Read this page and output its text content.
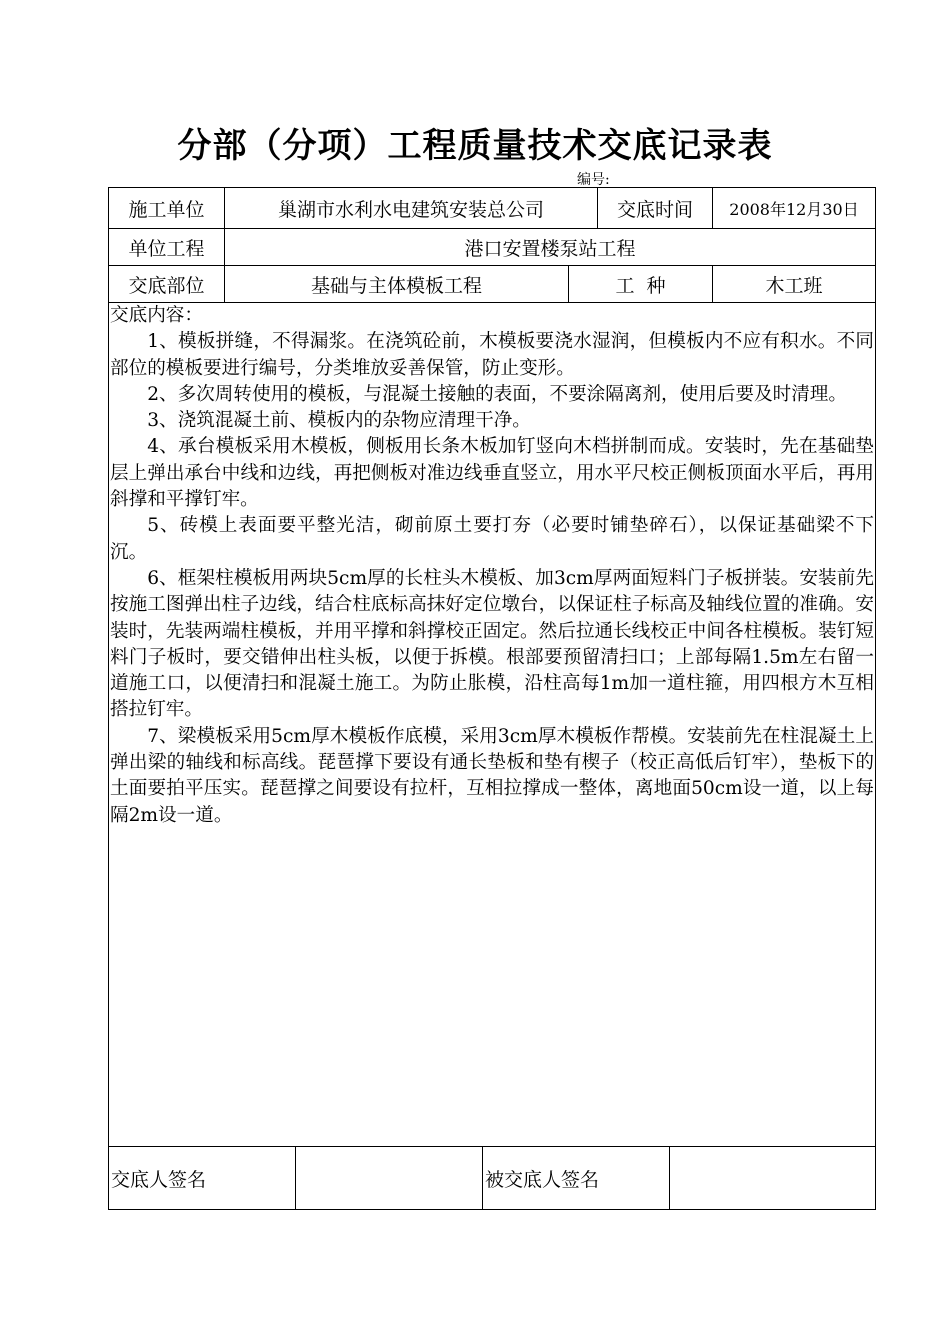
分部（分项）工程质量技术交底记录表
编号:
施工单位	巢湖市水利水电建筑安装总公司	交底时间	2008年12月30日
单位工程	港口安置楼泵站工程
交底部位	基础与主体模板工程	工  种	木工班

交底内容：

1、模板拼缝，不得漏浆。在浇筑砼前，木模板要浇水湿润，但模板内不应有积水。不同部位的模板要进行编号，分类堆放妥善保管，防止变形。

2、多次周转使用的模板，与混凝土接触的表面，不要涂隔离剂，使用后要及时清理。

3、浇筑混凝土前、模板内的杂物应清理干净。

4、承台模板采用木模板，侧板用长条木板加钉竖向木档拼制而成。安装时，先在基础垫层上弹出承台中线和边线，再把侧板对准边线垂直竖立，用水平尺校正侧板顶面水平后，再用斜撑和平撑钉牢。

5、砖模上表面要平整光洁，砌前原土要打夯（必要时铺垫碎石），以保证基础梁不下沉。

6、框架柱模板用两块5cm厚的长柱头木模板、加3cm厚两面短料门子板拼装。安装前先按施工图弹出柱子边线，结合柱底标高抹好定位墩台，以保证柱子标高及轴线位置的准确。安装时，先装两端柱模板，并用平撑和斜撑校正固定。然后拉通长线校正中间各柱模板。装钉短料门子板时，要交错伸出柱头板，以便于拆模。根部要预留清扫口；上部每隔1.5m左右留一道施工口，以便清扫和混凝土施工。为防止胀模，沿柱高每1m加一道柱箍，用四根方木互相搭拉钉牢。

7、梁模板采用5cm厚木模板作底模，采用3cm厚木模板作帮模。安装前先在柱混凝土上弹出梁的轴线和标高线。琵琶撑下要设有通长垫板和垫有楔子（校正高低后钉牢），垫板下的土面要拍平压实。琵琶撑之间要设有拉杆，互相拉撑成一整体，离地面50cm设一道，以上每隔2m设一道。

交底人签名	被交底人签名
